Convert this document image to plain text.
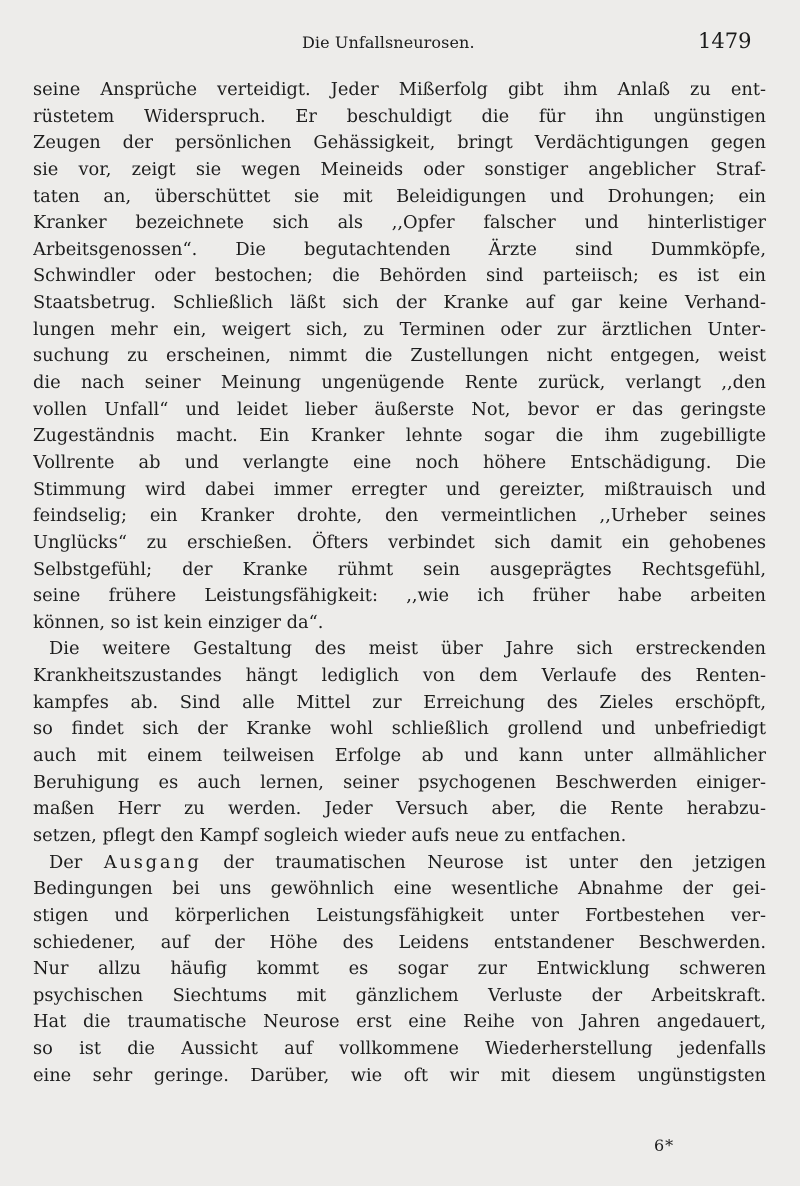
Die Unfallsneurosen.	1479
seine Ansprüche verteidigt. Jeder Mißerfolg gibt ihm Anlaß zu ent-
rüstetem Widerspruch. Er beschuldigt die für ihn ungünstigen
Zeugen der persönlichen Gehässigkeit, bringt Verdächtigungen gegen
sie vor, zeigt sie wegen Meineids oder sonstiger angeblicher Straf-
taten an, überschüttet sie mit Beleidigungen und Drohungen; ein
Kranker bezeichnete sich als ,,Opfer falscher und hinterlistiger
Arbeitsgenossen“. Die begutachtenden Ärzte sind Dummköpfe,
Schwindler oder bestochen; die Behörden sind parteiisch; es ist ein
Staatsbetrug. Schließlich läßt sich der Kranke auf gar keine Verhand-
lungen mehr ein, weigert sich, zu Terminen oder zur ärztlichen Unter-
suchung zu erscheinen, nimmt die Zustellungen nicht entgegen, weist
die nach seiner Meinung ungenügende Rente zurück, verlangt ,,den
vollen Unfall“ und leidet lieber äußerste Not, bevor er das geringste
Zugeständnis macht. Ein Kranker lehnte sogar die ihm zugebilligte
Vollrente ab und verlangte eine noch höhere Entschädigung. Die
Stimmung wird dabei immer erregter und gereizter, mißtrauisch und
feindselig; ein Kranker drohte, den vermeintlichen ,,Urheber seines
Unglücks“ zu erschießen. Öfters verbindet sich damit ein gehobenes
Selbstgefühl; der Kranke rühmt sein ausgeprägtes Rechtsgefühl,
seine frühere Leistungsfähigkeit: ,,wie ich früher habe arbeiten
können, so ist kein einziger da“.
Die weitere Gestaltung des meist über Jahre sich erstreckenden
Krankheitszustandes hängt lediglich von dem Verlaufe des Renten-
kampfes ab. Sind alle Mittel zur Erreichung des Zieles erschöpft,
so findet sich der Kranke wohl schließlich grollend und unbefriedigt
auch mit einem teilweisen Erfolge ab und kann unter allmählicher
Beruhigung es auch lernen, seiner psychogenen Beschwerden einiger-
maßen Herr zu werden. Jeder Versuch aber, die Rente herabzu-
setzen, pflegt den Kampf sogleich wieder aufs neue zu entfachen.
Der Ausgang der traumatischen Neurose ist unter den jetzigen
Bedingungen bei uns gewöhnlich eine wesentliche Abnahme der gei-
stigen und körperlichen Leistungsfähigkeit unter Fortbestehen ver-
schiedener, auf der Höhe des Leidens entstandener Beschwerden.
Nur allzu häufig kommt es sogar zur Entwicklung schweren
psychischen Siechtums mit gänzlichem Verluste der Arbeitskraft.
Hat die traumatische Neurose erst eine Reihe von Jahren angedauert,
so ist die Aussicht auf vollkommene Wiederherstellung jedenfalls
eine sehr geringe. Darüber, wie oft wir mit diesem ungünstigsten
6*
